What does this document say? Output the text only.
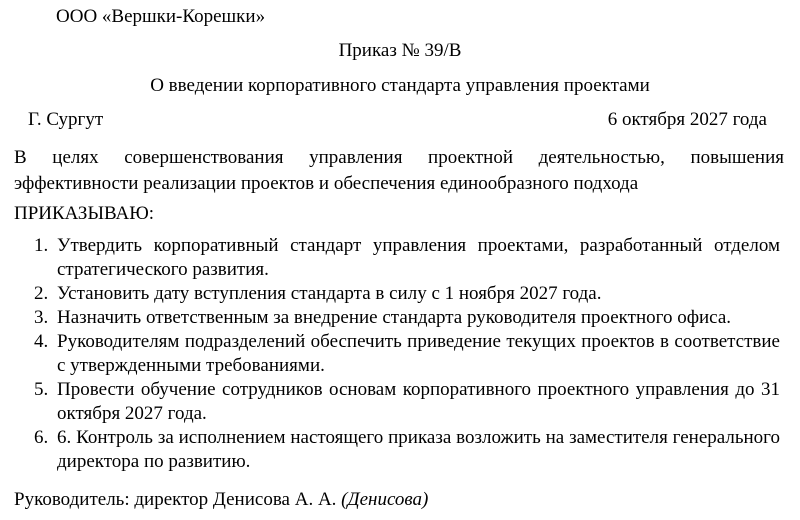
ООО «Вершки-Корешки»
Приказ № 39/В
О введении корпоративного стандарта управления проектами
Г. Сургут	6 октября 2027 года
В целях совершенствования управления проектной деятельностью, повышения эффективности реализации проектов и обеспечения единообразного подхода
ПРИКАЗЫВАЮ:
1. Утвердить корпоративный стандарт управления проектами, разработанный отделом стратегического развития.
2. Установить дату вступления стандарта в силу с 1 ноября 2027 года.
3. Назначить ответственным за внедрение стандарта руководителя проектного офиса.
4. Руководителям подразделений обеспечить приведение текущих проектов в соответствие с утвержденными требованиями.
5. Провести обучение сотрудников основам корпоративного проектного управления до 31 октября 2027 года.
6. 6. Контроль за исполнением настоящего приказа возложить на заместителя генерального директора по развитию.
Руководитель: директор Денисова А. А. (Денисова)
